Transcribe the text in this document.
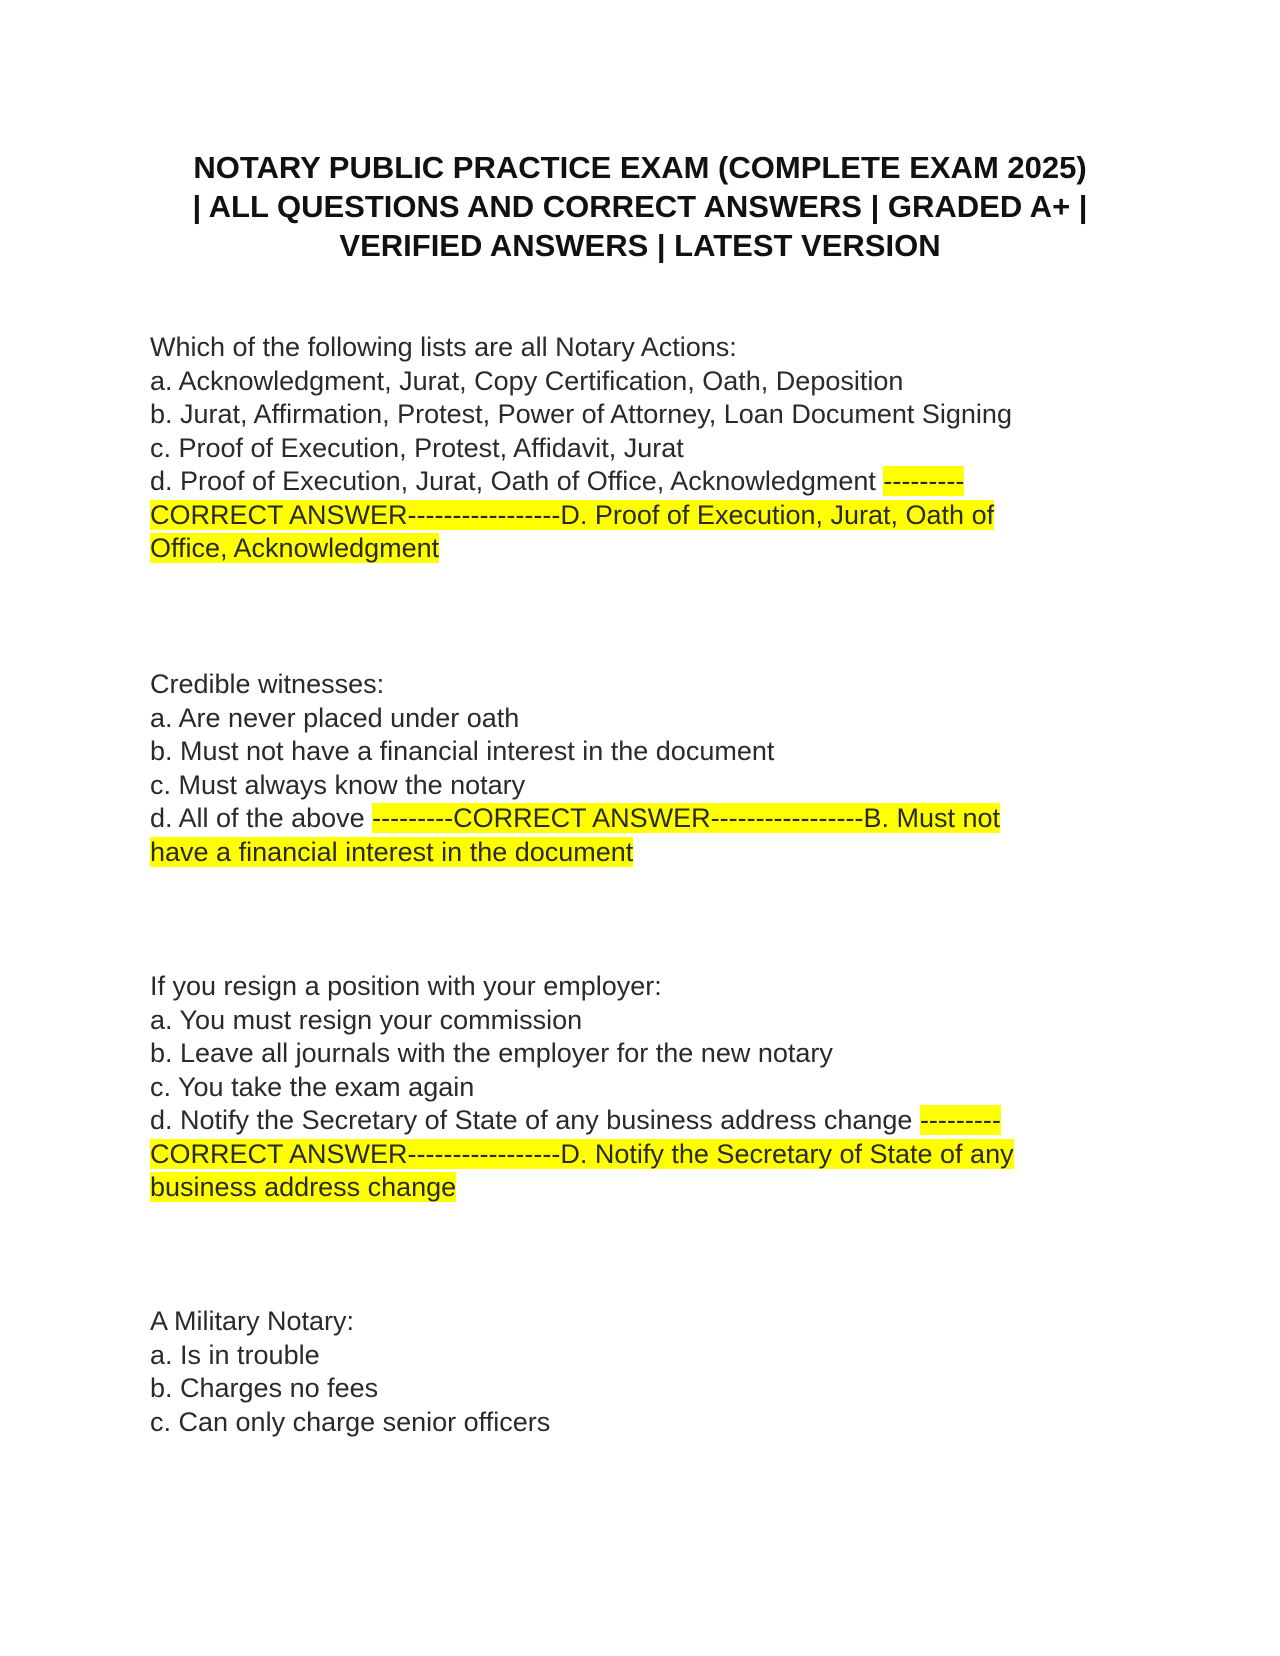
NOTARY PUBLIC PRACTICE EXAM (COMPLETE EXAM 2025)
| ALL QUESTIONS AND CORRECT ANSWERS | GRADED A+ |
VERIFIED ANSWERS | LATEST VERSION
Which of the following lists are all Notary Actions:
a. Acknowledgment, Jurat, Copy Certification, Oath, Deposition
b. Jurat, Affirmation, Protest, Power of Attorney, Loan Document Signing
c. Proof of Execution, Protest, Affidavit, Jurat
d. Proof of Execution, Jurat, Oath of Office, Acknowledgment ---------
CORRECT ANSWER-----------------D. Proof of Execution, Jurat, Oath of
Office, Acknowledgment
Credible witnesses:
a. Are never placed under oath
b. Must not have a financial interest in the document
c. Must always know the notary
d. All of the above ---------CORRECT ANSWER-----------------B. Must not
have a financial interest in the document
If you resign a position with your employer:
a. You must resign your commission
b. Leave all journals with the employer for the new notary
c. You take the exam again
d. Notify the Secretary of State of any business address change ---------
CORRECT ANSWER-----------------D. Notify the Secretary of State of any
business address change
A Military Notary:
a. Is in trouble
b. Charges no fees
c. Can only charge senior officers
